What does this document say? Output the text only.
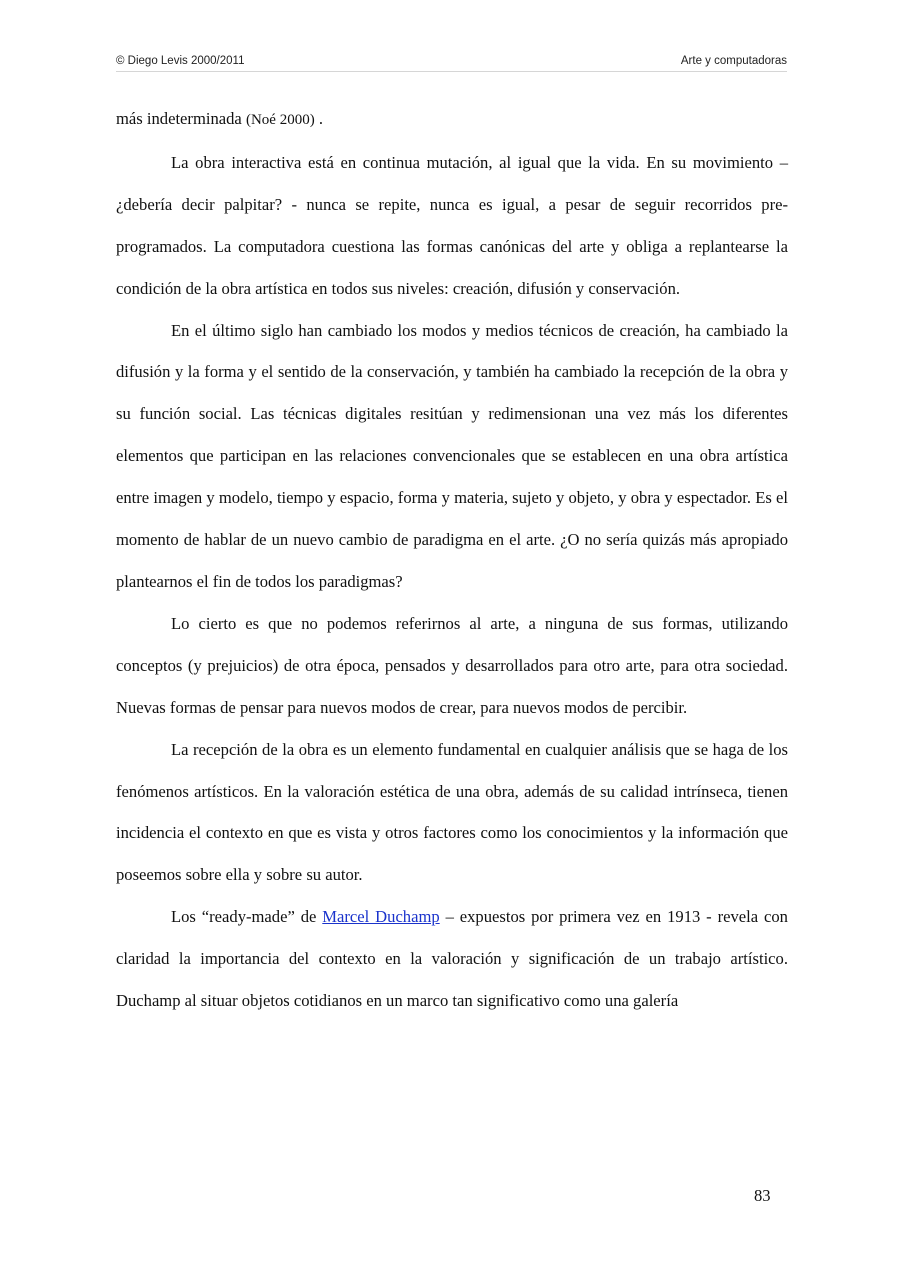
© Diego Levis 2000/2011	Arte y computadoras

más indeterminada (Noé 2000) .

La obra interactiva está en continua mutación, al igual que la vida. En su movimiento –¿debería decir palpitar? - nunca se repite, nunca es igual, a pesar de seguir recorridos pre-programados. La computadora cuestiona las formas canónicas del arte y obliga a replantearse la condición de la obra artística en todos sus niveles: creación, difusión y conservación.

En el último siglo han cambiado los modos y medios técnicos de creación, ha cambiado la difusión y la forma y el sentido de la conservación, y también ha cambiado la recepción de la obra y su función social. Las técnicas digitales resitúan y redimensionan una vez más los diferentes elementos que participan en las relaciones convencionales que se establecen en una obra artística entre imagen y modelo, tiempo y espacio, forma y materia, sujeto y objeto, y obra y espectador. Es el momento de hablar de un nuevo cambio de paradigma en el arte. ¿O no sería quizás más apropiado plantearnos el fin de todos los paradigmas?

Lo cierto es que no podemos referirnos al arte, a ninguna de sus formas, utilizando conceptos (y prejuicios) de otra época, pensados y desarrollados para otro arte, para otra sociedad. Nuevas formas de pensar para nuevos modos de crear, para nuevos modos de percibir.

La recepción de la obra es un elemento fundamental en cualquier análisis que se haga de los fenómenos artísticos. En la valoración estética de una obra, además de su calidad intrínseca, tienen incidencia el contexto en que es vista y otros factores como los conocimientos y la información que poseemos sobre ella y sobre su autor.

Los “ready-made” de Marcel Duchamp – expuestos por primera vez en 1913 - revela con claridad la importancia del contexto en la valoración y significación de un trabajo artístico. Duchamp al situar objetos cotidianos en un marco tan significativo como una galería

83
